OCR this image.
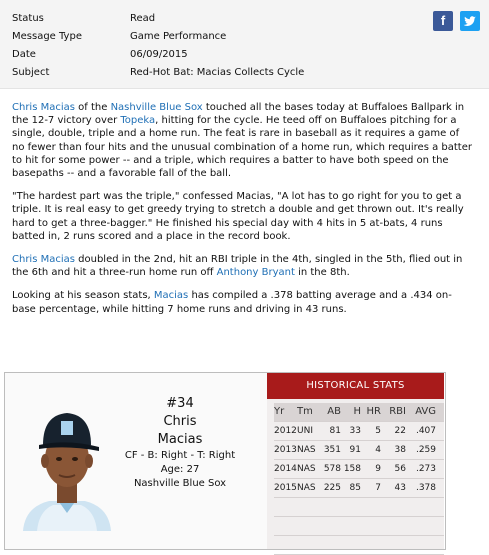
Status	Read
Message Type	Game Performance
Date	06/09/2015
Subject	Red-Hot Bat: Macias Collects Cycle
f

Chris Macias of the Nashville Blue Sox touched all the bases today at Buffaloes Ballpark in the 12-7 victory over Topeka, hitting for the cycle. He teed off on Buffaloes pitching for a single, double, triple and a home run. The feat is rare in baseball as it requires a game of no fewer than four hits and the unusual combination of a home run, which requires a batter to hit for some power -- and a triple, which requires a batter to have both speed on the basepaths -- and a favorable fall of the ball.

"The hardest part was the triple," confessed Macias, "A lot has to go right for you to get a triple. It is real easy to get greedy trying to stretch a double and get thrown out. It's really hard to get a three-bagger." He finished his special day with 4 hits in 5 at-bats, 4 runs batted in, 2 runs scored and a place in the record book.

Chris Macias doubled in the 2nd, hit an RBI triple in the 4th, singled in the 5th, flied out in the 6th and hit a three-run home run off Anthony Bryant in the 8th.

Looking at his season stats, Macias has compiled a .378 batting average and a .434 on-base percentage, while hitting 7 home runs and driving in 43 runs.

#34
Chris
Macias
CF - B: Right - T: Right
Age: 27
Nashville Blue Sox
HISTORICAL STATS
Yr	Tm	AB	H HR RBI AVG
2012 UNI	81 33	5	22	.407
2013 NAS 351 91	4	38	.259
2014 NAS 578 158	9	56	.273
2015 NAS 225 85	7	43	.378
